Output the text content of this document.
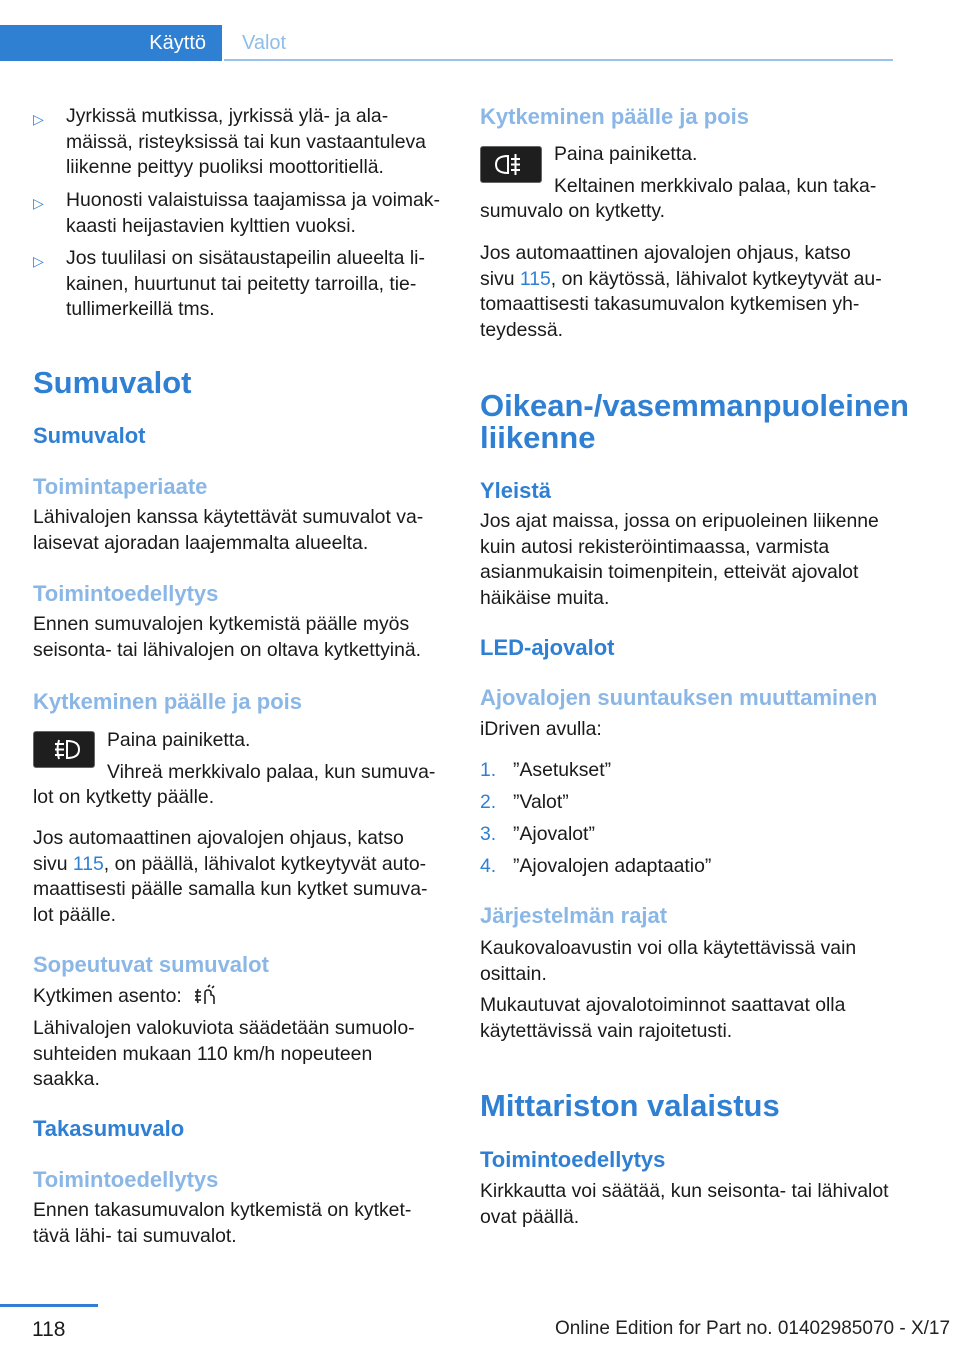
Käyttö	Valot
▷ Jyrkissä mutkissa, jyrkissä ylä- ja ala-
mäissä, risteyksissä tai kun vastaantuleva
liikenne peittyy puoliksi moottoritiellä.

▷ Huonosti valaistuissa taajamissa ja voimak-
kaasti heijastavien kylttien vuoksi.

▷ Jos tuulilasi on sisätaustapeilin alueelta li-
kainen, huurtunut tai peitetty tarroilla, tie-
tullimerkeillä tms.

Sumuvalot
Sumuvalot
Toimintaperiaate

Lähivalojen kanssa käytettävät sumuvalot va-
laisevat ajoradan laajemmalta alueelta.

Toimintoedellytys

Ennen sumuvalojen kytkemistä päälle myös
seisonta- tai lähivalojen on oltava kytkettyinä.

Kytkeminen päälle ja pois

Paina painiketta.

Vihreä merkkivalo palaa, kun sumuva-

lot on kytketty päälle.

Jos automaattinen ajovalojen ohjaus, katso
sivu 115, on päällä, lähivalot kytkeytyvät auto-
maattisesti päälle samalla kun kytket sumuva-
lot päälle.

Sopeutuvat sumuvalot

Kytkimen asento:

Lähivalojen valokuviota säädetään sumuolo-
suhteiden mukaan 110 km/h nopeuteen
saakka.

Takasumuvalo
Toimintoedellytys

Ennen takasumuvalon kytkemistä on kytket-
tävä lähi- tai sumuvalot.

Kytkeminen päälle ja pois

Paina painiketta.

Keltainen merkkivalo palaa, kun taka-

sumuvalo on kytketty.

Jos automaattinen ajovalojen ohjaus, katso
sivu 115, on käytössä, lähivalot kytkeytyvät au-
tomaattisesti takasumuvalon kytkemisen yh-
teydessä.

Oikean-/vasemmanpuoleinen
liikenne
Yleistä

Jos ajat maissa, jossa on eripuoleinen liikenne
kuin autosi rekisteröintimaassa, varmista
asianmukaisin toimenpitein, etteivät ajovalot
häikäise muita.

LED-ajovalot
Ajovalojen suuntauksen muuttaminen

iDriven avulla:

1. ”Asetukset”
2. ”Valot”
3. ”Ajovalot”
4. ”Ajovalojen adaptaatio”
Järjestelmän rajat

Kaukovaloavustin voi olla käytettävissä vain
osittain.

Mukautuvat ajovalotoiminnot saattavat olla
käytettävissä vain rajoitetusti.

Mittariston valaistus
Toimintoedellytys

Kirkkautta voi säätää, kun seisonta- tai lähivalot
ovat päällä.

118	Online Edition for Part no. 01402985070 - X/17
